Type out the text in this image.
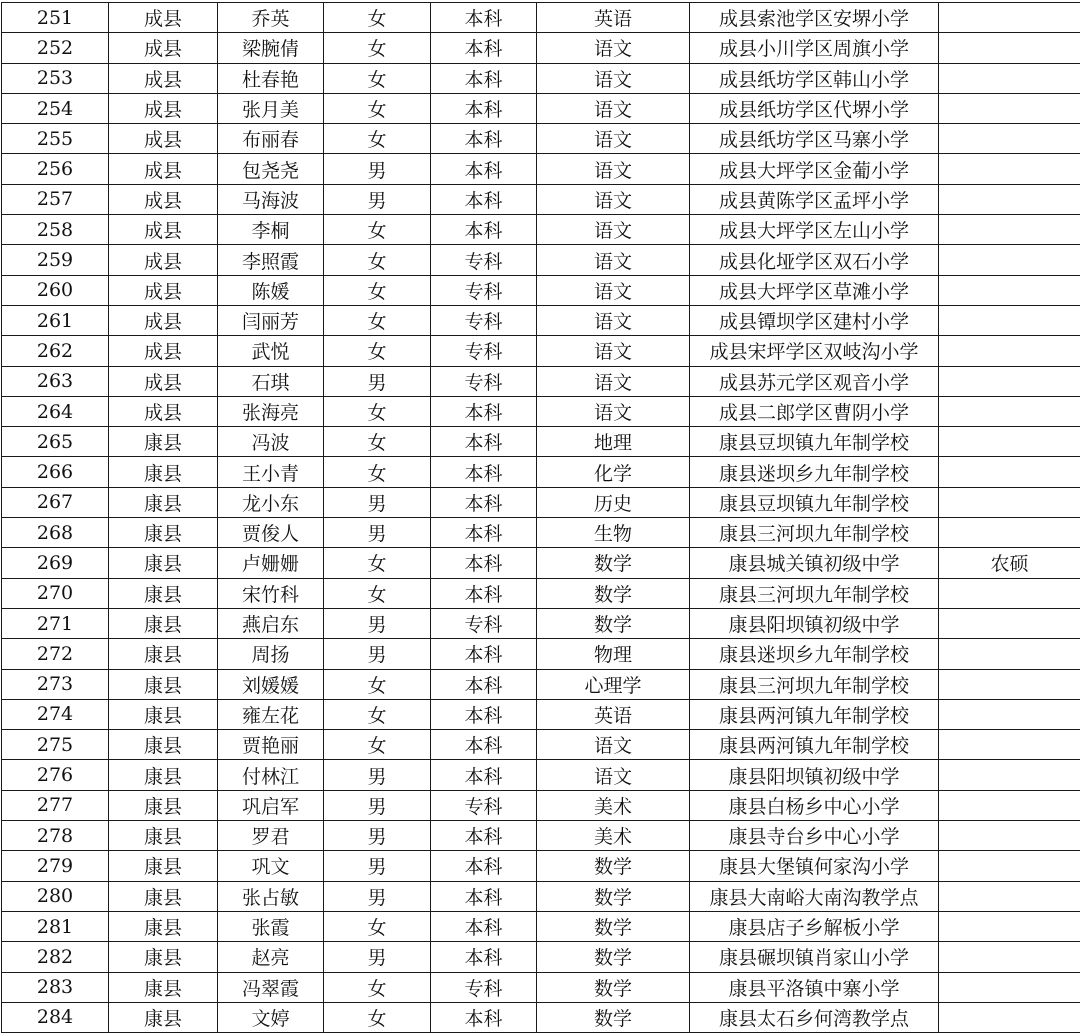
251	成县	乔英	女	本科	英语	成县索池学区安堺小学	
252	成县	梁腕倩	女	本科	语文	成县小川学区周旗小学	
253	成县	杜春艳	女	本科	语文	成县纸坊学区韩山小学	
254	成县	张月美	女	本科	语文	成县纸坊学区代堺小学	
255	成县	布丽春	女	本科	语文	成县纸坊学区马寨小学	
256	成县	包尧尧	男	本科	语文	成县大坪学区金葡小学	
257	成县	马海波	男	本科	语文	成县黄陈学区孟坪小学	
258	成县	李桐	女	本科	语文	成县大坪学区左山小学	
259	成县	李照霞	女	专科	语文	成县化垭学区双石小学	
260	成县	陈媛	女	专科	语文	成县大坪学区草滩小学	
261	成县	闫丽芳	女	专科	语文	成县镡坝学区建村小学	
262	成县	武悦	女	专科	语文	成县宋坪学区双岐沟小学	
263	成县	石琪	男	专科	语文	成县苏元学区观音小学	
264	成县	张海亮	女	本科	语文	成县二郎学区曹阴小学	
265	康县	冯波	女	本科	地理	康县豆坝镇九年制学校	
266	康县	王小青	女	本科	化学	康县迷坝乡九年制学校	
267	康县	龙小东	男	本科	历史	康县豆坝镇九年制学校	
268	康县	贾俊人	男	本科	生物	康县三河坝九年制学校	
269	康县	卢姗姗	女	本科	数学	康县城关镇初级中学	农硕
270	康县	宋竹科	女	本科	数学	康县三河坝九年制学校	
271	康县	燕启东	男	专科	数学	康县阳坝镇初级中学	
272	康县	周扬	男	本科	物理	康县迷坝乡九年制学校	
273	康县	刘媛媛	女	本科	心理学	康县三河坝九年制学校	
274	康县	雍左花	女	本科	英语	康县两河镇九年制学校	
275	康县	贾艳丽	女	本科	语文	康县两河镇九年制学校	
276	康县	付林江	男	本科	语文	康县阳坝镇初级中学	
277	康县	巩启军	男	专科	美术	康县白杨乡中心小学	
278	康县	罗君	男	本科	美术	康县寺台乡中心小学	
279	康县	巩文	男	本科	数学	康县大堡镇何家沟小学	
280	康县	张占敏	男	本科	数学	康县大南峪大南沟教学点	
281	康县	张霞	女	本科	数学	康县店子乡解板小学	
282	康县	赵亮	男	本科	数学	康县碾坝镇肖家山小学	
283	康县	冯翠霞	女	专科	数学	康县平洛镇中寨小学	
284	康县	文婷	女	本科	数学	康县太石乡何湾教学点	
